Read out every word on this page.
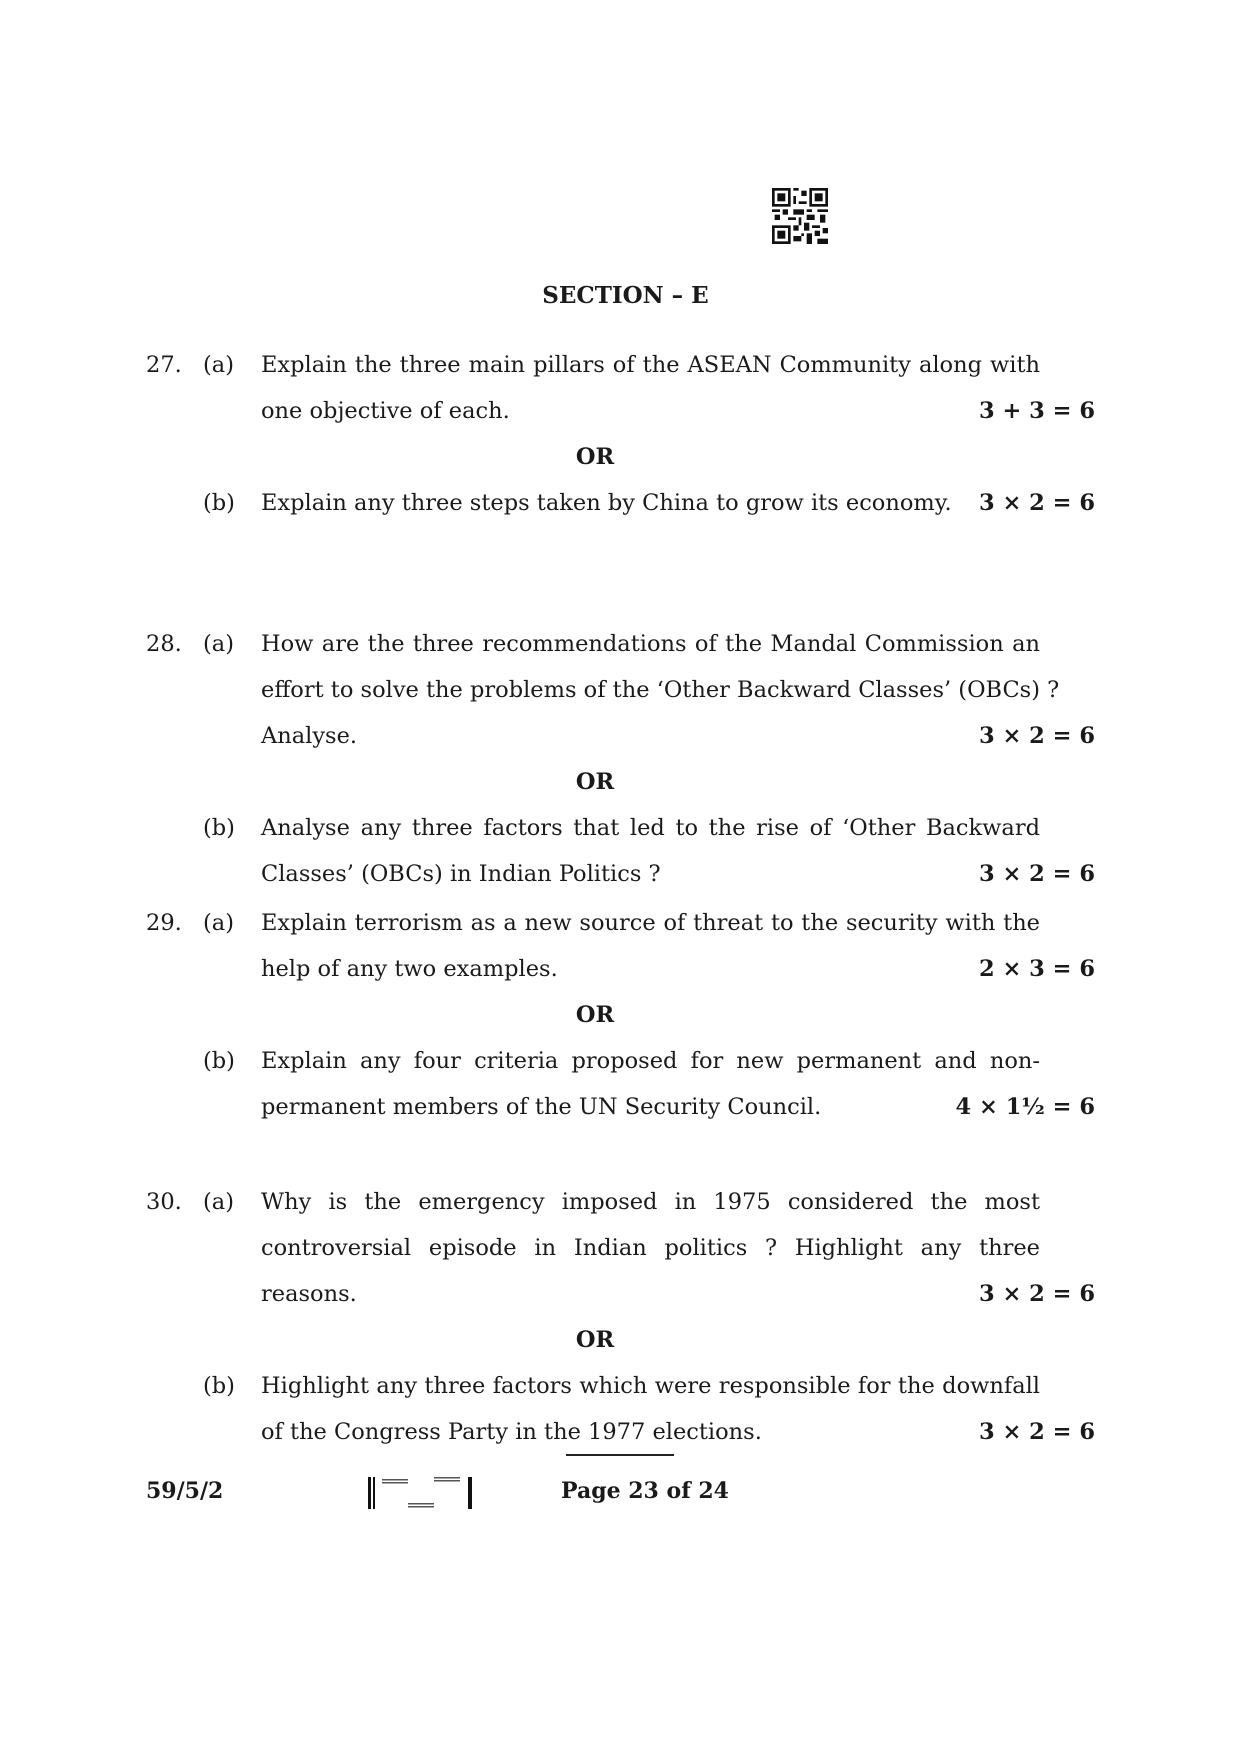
SECTION – E
27. (a) Explain the three main pillars of the ASEAN Community along with
one objective of each.	3 + 3 = 6
OR
(b) Explain any three steps taken by China to grow its economy. 3 × 2 = 6
28. (a) How are the three recommendations of the Mandal Commission an
effort to solve the problems of the ‘Other Backward Classes’ (OBCs) ?
Analyse.	3 × 2 = 6
OR
(b) Analyse any three factors that led to the rise of ‘Other Backward
Classes’ (OBCs) in Indian Politics ?	3 × 2 = 6
29. (a) Explain terrorism as a new source of threat to the security with the
help of any two examples.	2 × 3 = 6
OR
(b) Explain any four criteria proposed for new permanent and non-
permanent members of the UN Security Council.	4 × 1½ = 6
30. (a) Why is the emergency imposed in 1975 considered the most
controversial episode in Indian politics ? Highlight any three
reasons.	3 × 2 = 6
OR
(b) Highlight any three factors which were responsible for the downfall
of the Congress Party in the 1977 elections.	3 × 2 = 6
59/5/2	Page 23 of 24
